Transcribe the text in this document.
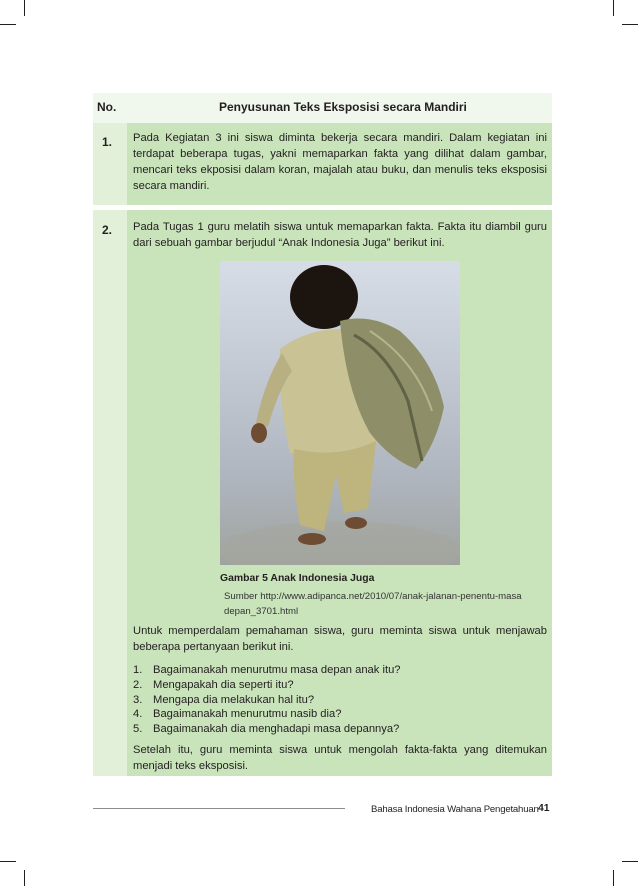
No.	Penyusunan Teks Eksposisi secara Mandiri
1. Pada Kegiatan 3 ini siswa diminta bekerja secara mandiri. Dalam kegiatan ini terdapat beberapa tugas, yakni memaparkan fakta yang dilihat dalam gambar, mencari teks ekposisi dalam koran, majalah atau buku, dan menulis teks eksposisi secara mandiri.
2. Pada Tugas 1 guru melatih siswa untuk memaparkan fakta. Fakta itu diambil guru dari sebuah gambar berjudul “Anak Indonesia Juga” berikut ini.
Gambar 5 Anak Indonesia Juga
Sumber http://www.adipanca.net/2010/07/anak-jalanan-penentu-masa depan_3701.html
Untuk memperdalam pemahaman siswa, guru meminta siswa untuk menjawab beberapa pertanyaan berikut ini.
1. Bagaimanakah menurutmu masa depan anak itu?
2. Mengapakah dia seperti itu?
3. Mengapa dia melakukan hal itu?
4. Bagaimanakah menurutmu nasib dia?
5. Bagaimanakah dia menghadapi masa depannya?
Setelah itu, guru meminta siswa untuk mengolah fakta-fakta yang ditemukan menjadi teks eksposisi.
Bahasa Indonesia Wahana Pengetahuan 41
